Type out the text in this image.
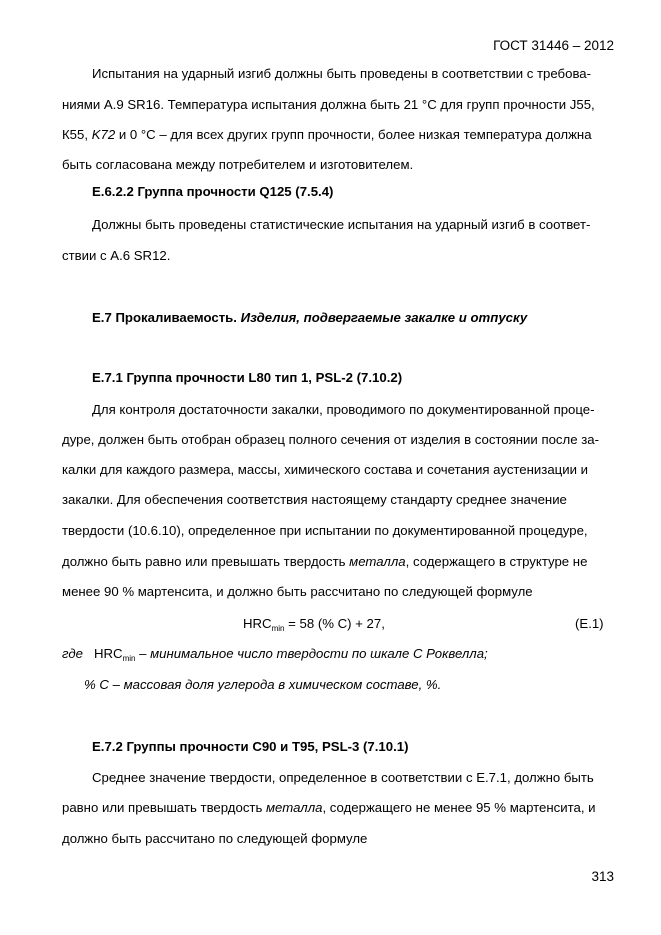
ГОСТ 31446 – 2012
Испытания на ударный изгиб должны быть проведены в соответствии с требова-
ниями А.9 SR16. Температура испытания должна быть 21 °С для групп прочности J55,
К55, K72 и 0 °С – для всех других групп прочности, более низкая температура должна
быть согласована между потребителем и изготовителем.
Е.6.2.2 Группа прочности Q125 (7.5.4)
Должны быть проведены статистические испытания на ударный изгиб в соответ-
ствии с А.6 SR12.
Е.7 Прокаливаемость. Изделия, подвергаемые закалке и отпуску
Е.7.1 Группа прочности L80 тип 1, PSL-2 (7.10.2)
Для контроля достаточности закалки, проводимого по документированной проце-
дуре, должен быть отобран образец полного сечения от изделия в состоянии после за-
калки для каждого размера, массы, химического состава и сочетания аустенизации и
закалки. Для обеспечения соответствия настоящему стандарту среднее значение
твердости (10.6.10), определенное при испытании по документированной процедуре,
должно быть равно или превышать твердость металла, содержащего в структуре не
менее 90 % мартенсита, и должно быть рассчитано по следующей формуле
$HRC_{min} = 58$ (% С) + 27,	(Е.1)
где $HRC_{min}$ – минимальное число твердости по шкале С Роквелла;
% С – массовая доля углерода в химическом составе, %.
Е.7.2 Группы прочности С90 и Т95, PSL-3 (7.10.1)
Среднее значение твердости, определенное в соответствии с Е.7.1, должно быть
равно или превышать твердость металла, содержащего не менее 95 % мартенсита, и
должно быть рассчитано по следующей формуле
313
